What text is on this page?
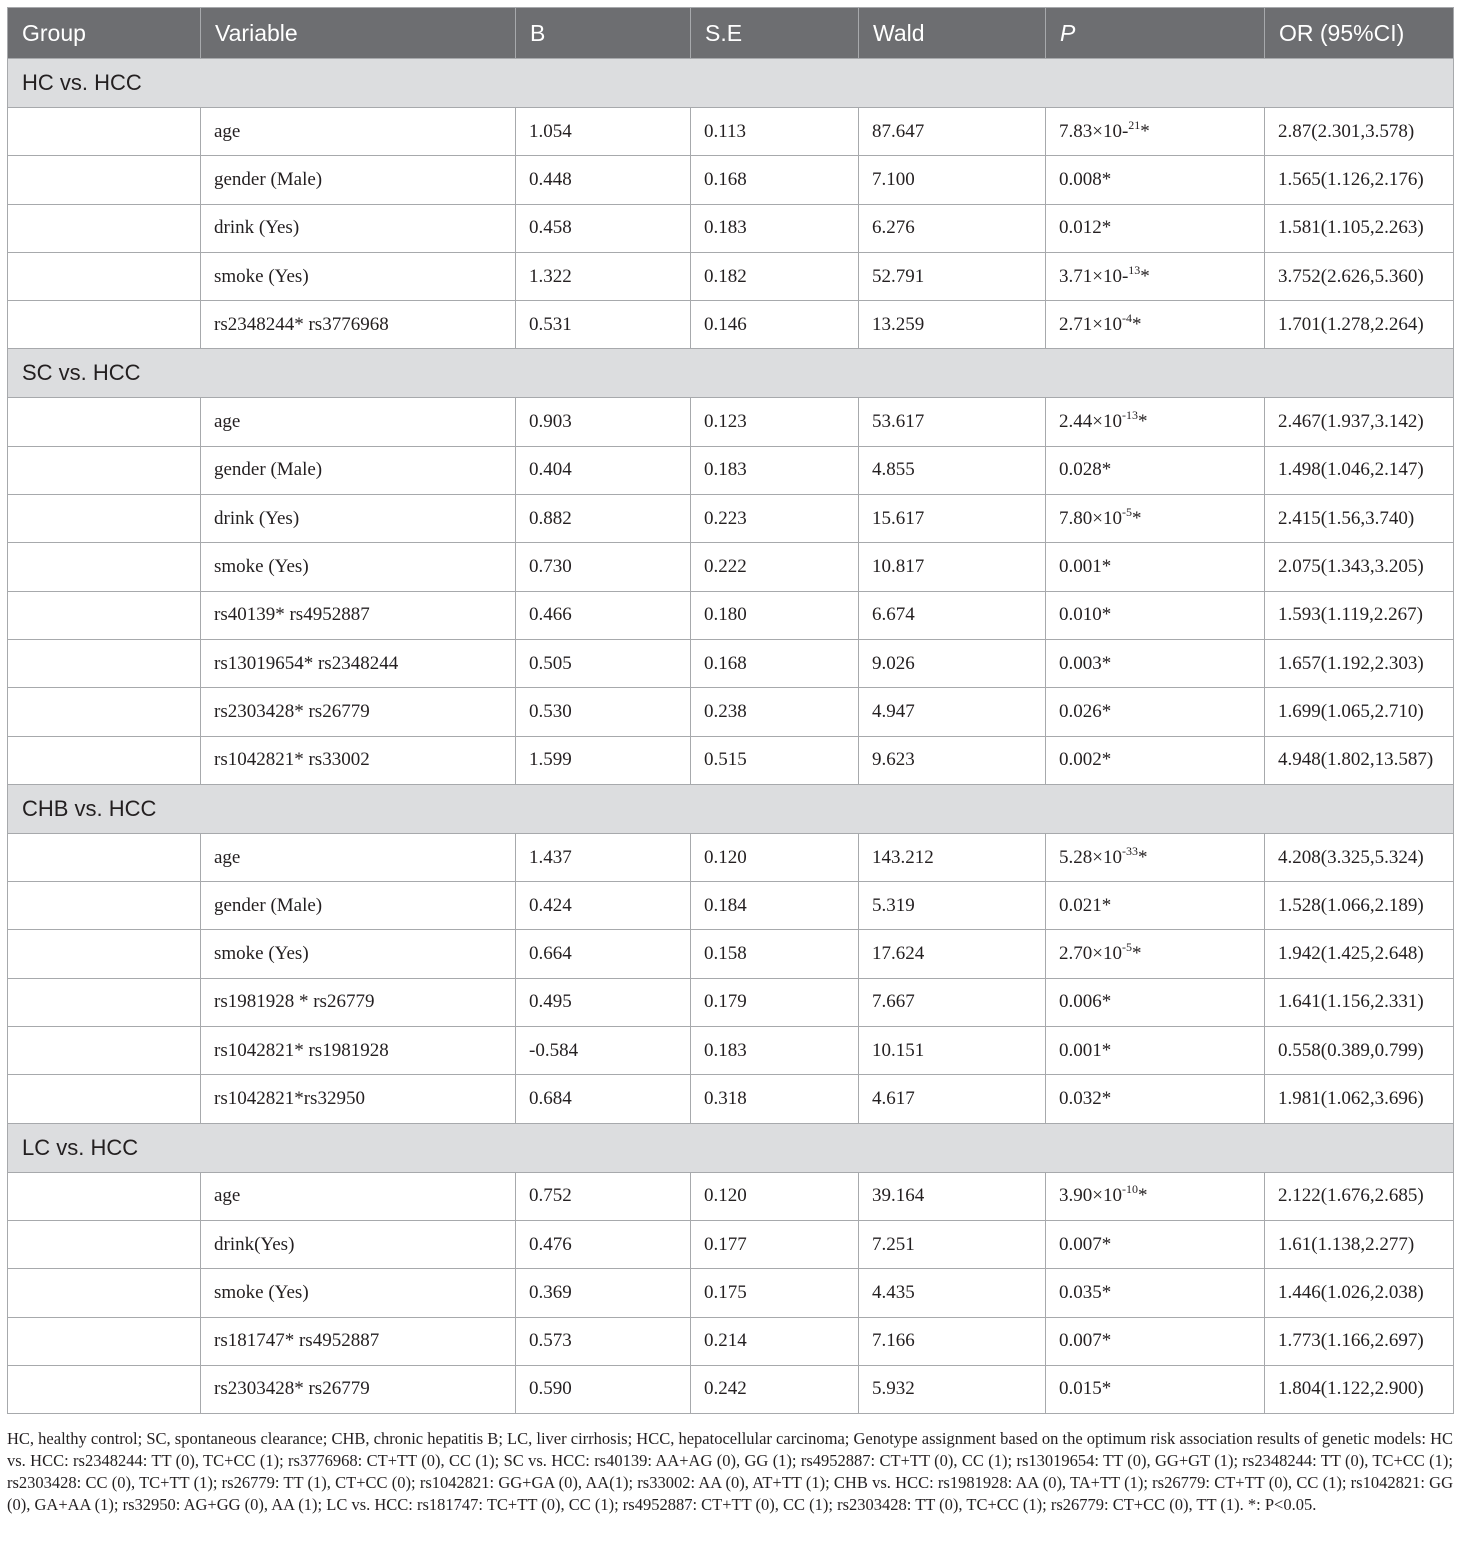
Group	Variable	B	S.E	Wald	P	OR (95%CI)
HC vs. HCC						
	age	1.054	0.113	87.647	7.83×10-$^{21}$*	2.87(2.301,3.578)
	gender (Male)	0.448	0.168	7.100	0.008*	1.565(1.126,2.176)
	drink (Yes)	0.458	0.183	6.276	0.012*	1.581(1.105,2.263)
	smoke (Yes)	1.322	0.182	52.791	3.71×10-$^{13}$*	3.752(2.626,5.360)
	rs2348244* rs3776968	0.531	0.146	13.259	$2.71\times 10^{-4}*$	1.701(1.278,2.264)
SC vs. HCC						
	age	0.903	0.123	53.617	$2.44\times 10^{-13}*$	2.467(1.937,3.142)
	gender (Male)	0.404	0.183	4.855	0.028*	1.498(1.046,2.147)
	drink (Yes)	0.882	0.223	15.617	$7.80\times 10^{-5}*$	2.415(1.56,3.740)
	smoke (Yes)	0.730	0.222	10.817	0.001*	2.075(1.343,3.205)
	rs40139* rs4952887	0.466	0.180	6.674	0.010*	1.593(1.119,2.267)
	rs13019654* rs2348244	0.505	0.168	9.026	0.003*	1.657(1.192,2.303)
	rs2303428* rs26779	0.530	0.238	4.947	0.026*	1.699(1.065,2.710)
	rs1042821* rs33002	1.599	0.515	9.623	0.002*	4.948(1.802,13.587)
CHB vs. HCC						
	age	1.437	0.120	143.212	$5.28\times 10^{-33}*$	4.208(3.325,5.324)
	gender (Male)	0.424	0.184	5.319	0.021*	1.528(1.066,2.189)
	smoke (Yes)	0.664	0.158	17.624	$2.70\times 10^{-5}*$	1.942(1.425,2.648)
	rs1981928 * rs26779	0.495	0.179	7.667	0.006*	1.641(1.156,2.331)
	rs1042821* rs1981928	-0.584	0.183	10.151	0.001*	0.558(0.389,0.799)
	rs1042821*rs32950	0.684	0.318	4.617	0.032*	1.981(1.062,3.696)
LC vs. HCC						
	age	0.752	0.120	39.164	$3.90\times 10^{-10}*$	2.122(1.676,2.685)
	drink(Yes)	0.476	0.177	7.251	0.007*	1.61(1.138,2.277)
	smoke (Yes)	0.369	0.175	4.435	0.035*	1.446(1.026,2.038)
	rs181747* rs4952887	0.573	0.214	7.166	0.007*	1.773(1.166,2.697)
	rs2303428* rs26779	0.590	0.242	5.932	0.015*	1.804(1.122,2.900)
HC, healthy control; SC, spontaneous clearance; CHB, chronic hepatitis B; LC, liver cirrhosis; HCC, hepatocellular carcinoma; Genotype assignment based on the optimum risk association results of genetic models: HC vs. HCC: rs2348244: TT (0), TC+CC (1); rs3776968: CT+TT (0), CC (1); SC vs. HCC: rs40139: AA+AG (0), GG (1); rs4952887: CT+TT (0), CC (1); rs13019654: TT (0), GG+GT (1); rs2348244: TT (0), TC+CC (1); rs2303428: CC (0), TC+TT (1); rs26779: TT (1), CT+CC (0); rs1042821: GG+GA (0), AA(1); rs33002: AA (0), AT+TT (1); CHB vs. HCC: rs1981928: AA (0), TA+TT (1); rs26779: CT+TT (0), CC (1); rs1042821: GG (0), GA+AA (1); rs32950: AG+GG (0), AA (1); LC vs. HCC: rs181747: TC+TT (0), CC (1); rs4952887: CT+TT (0), CC (1); rs2303428: TT (0), TC+CC (1); rs26779: CT+CC (0), TT (1). *: P<0.05.
